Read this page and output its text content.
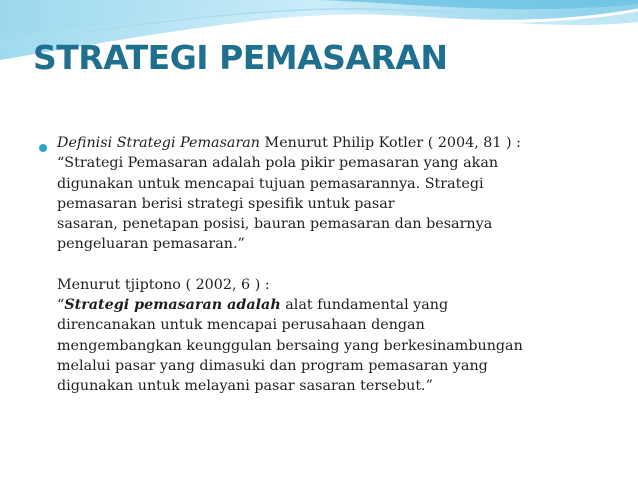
STRATEGI PEMASARAN

Definisi Strategi Pemasaran Menurut Philip Kotler ( 2004, 81 ) :

“Strategi Pemasaran adalah pola pikir pemasaran yang akan

digunakan untuk mencapai tujuan pemasarannya. Strategi

pemasaran berisi strategi spesifik untuk pasar

sasaran, penetapan posisi, bauran pemasaran dan besarnya

pengeluaran pemasaran.”

Menurut tjiptono ( 2002, 6 ) :

“Strategi pemasaran adalah alat fundamental yang

direncanakan untuk mencapai perusahaan dengan

mengembangkan keunggulan bersaing yang berkesinambungan

melalui pasar yang dimasuki dan program pemasaran yang

digunakan untuk melayani pasar sasaran tersebut.”
